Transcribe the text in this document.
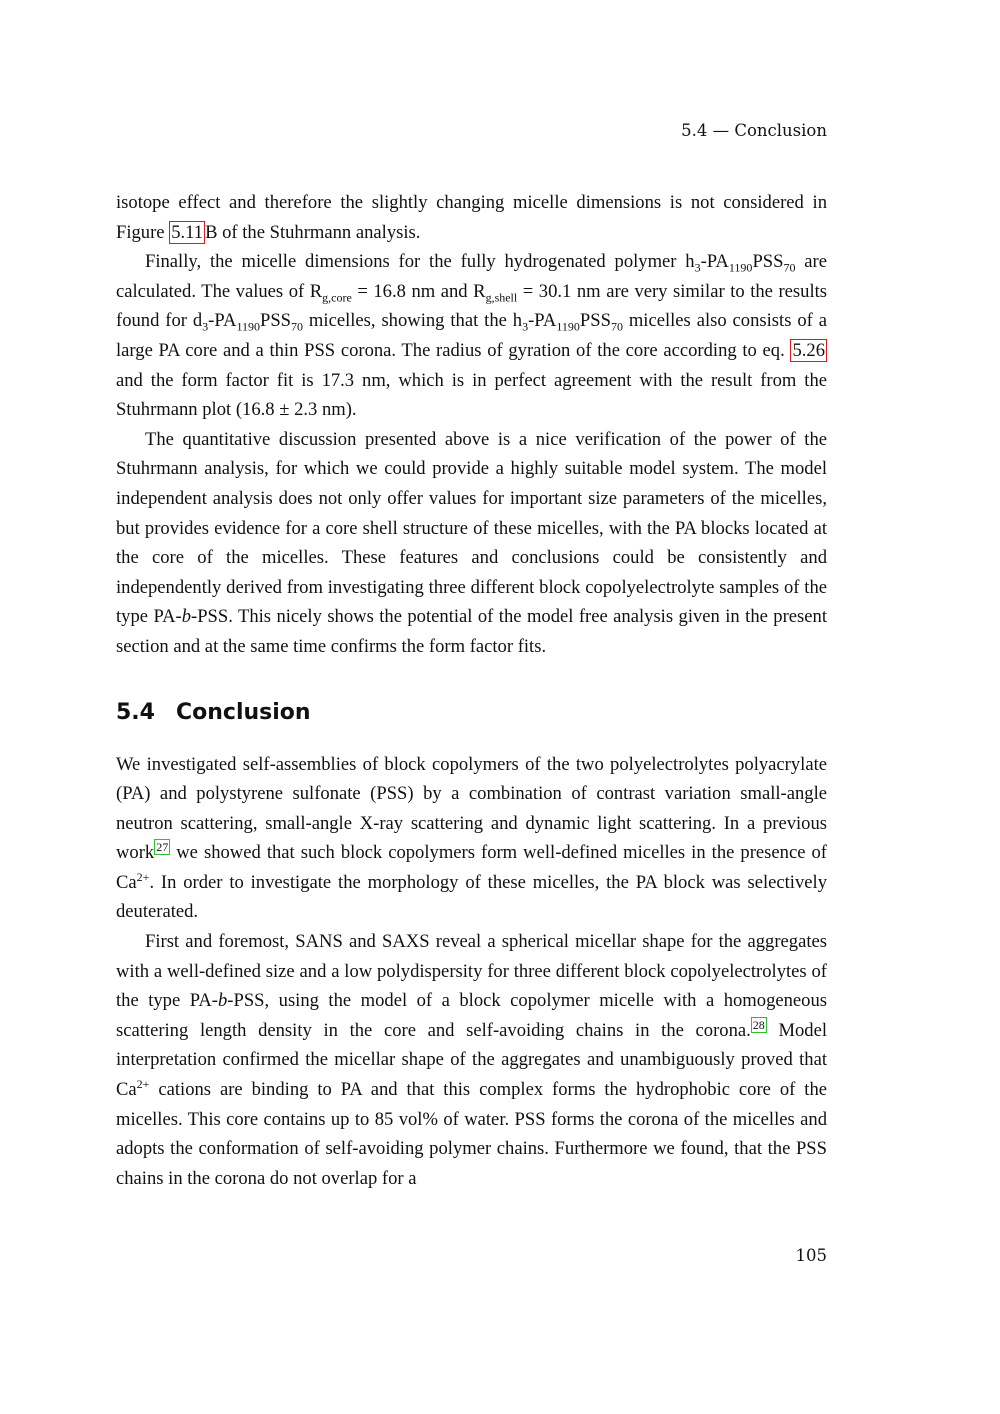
5.4 — Conclusion

isotope effect and therefore the slightly changing micelle dimensions is not considered in Figure 5.11 B of the Stuhrmann analysis.

Finally, the micelle dimensions for the fully hydrogenated polymer $h_3-PA_{1190}PSS_{70}$ are calculated. The values of $R_{g,core} = 16.8$ nm and $R_{g,shell} = 30.1$ nm are very similar to the results found for $d_3-PA_{1190}PSS_{70}$ micelles, showing that the $h_3-PA_{1190}PSS_{70}$ micelles also consists of a large PA core and a thin PSS corona. The radius of gyration of the core according to eq. 5.26 and the form factor fit is 17.3 nm, which is in perfect agreement with the result from the Stuhrmann plot (16.8 ± 2.3 nm).

The quantitative discussion presented above is a nice verification of the power of the Stuhrmann analysis, for which we could provide a highly suitable model system. The model independent analysis does not only offer values for important size parameters of the micelles, but provides evidence for a core shell structure of these micelles, with the PA blocks located at the core of the micelles. These features and conclusions could be consistently and independently derived from investigating three different block copolyelectrolyte samples of the type PA-b-PSS. This nicely shows the potential of the model free analysis given in the present section and at the same time confirms the form factor fits.

5.4 Conclusion

We investigated self-assemblies of block copolymers of the two polyelectrolytes polyacrylate (PA) and polystyrene sulfonate (PSS) by a combination of contrast variation small-angle neutron scattering, small-angle X-ray scattering and dynamic light scattering. In a previous work $^{27}$ we showed that such block copolymers form well-defined micelles in the presence of $Ca^{2+}$. In order to investigate the morphology of these micelles, the PA block was selectively deuterated.

First and foremost, SANS and SAXS reveal a spherical micellar shape for the aggregates with a well-defined size and a low polydispersity for three different block copolyelectrolytes of the type PA-b-PSS, using the model of a block copolymer micelle with a homogeneous scattering length density in the core and self-avoiding chains in the corona. $^{28}$ Model interpretation confirmed the micellar shape of the aggregates and unambiguously proved that $Ca^{2+}$ cations are binding to PA and that this complex forms the hydrophobic core of the micelles. This core contains up to 85 vol% of water. PSS forms the corona of the micelles and adopts the conformation of self-avoiding polymer chains. Furthermore we found, that the PSS chains in the corona do not overlap for a

105
